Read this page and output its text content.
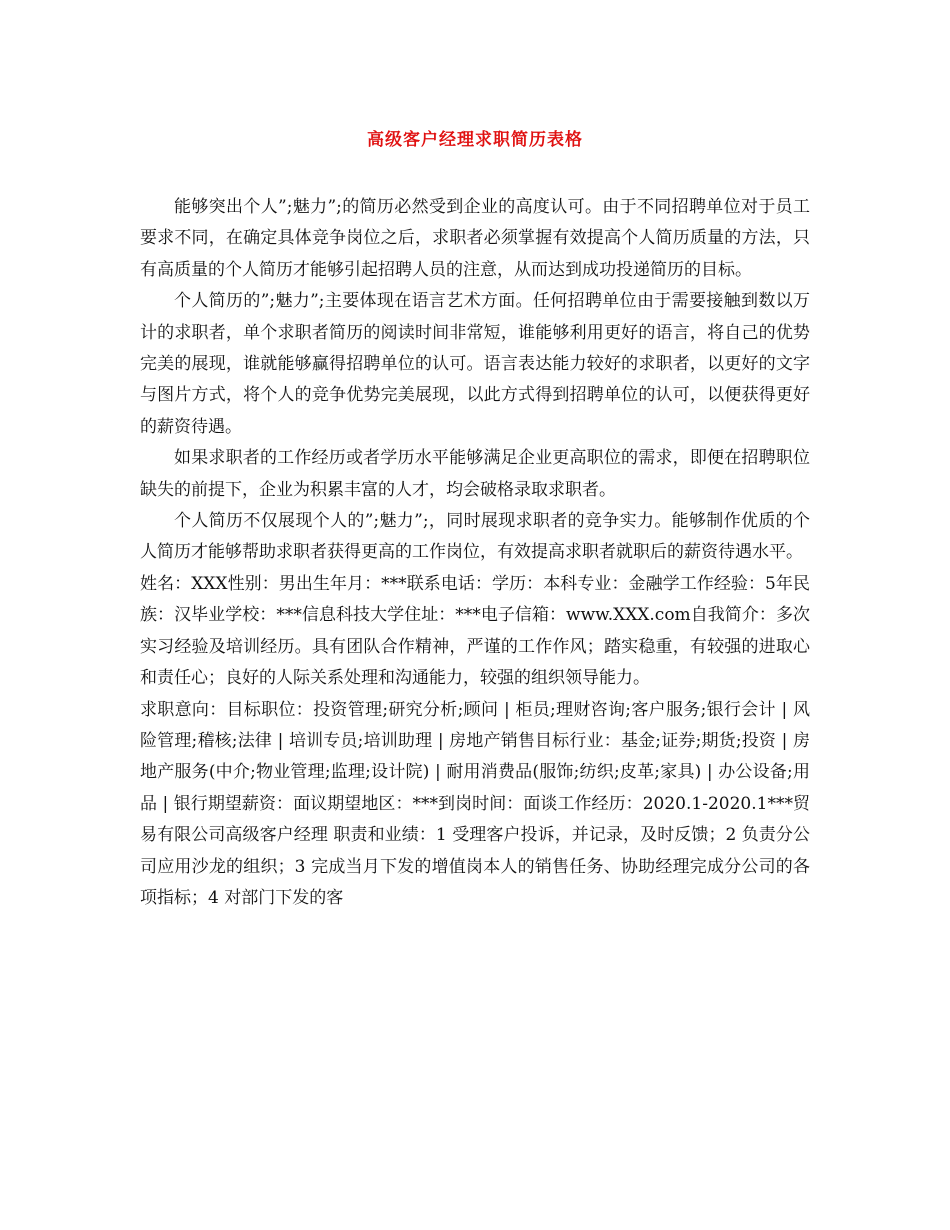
高级客户经理求职简历表格

能够突出个人”;魅力”;的简历必然受到企业的高度认可。由于不同招聘单位对于员工要求不同，在确定具体竞争岗位之后，求职者必须掌握有效提高个人简历质量的方法，只有高质量的个人简历才能够引起招聘人员的注意，从而达到成功投递简历的目标。

个人简历的”;魅力”;主要体现在语言艺术方面。任何招聘单位由于需要接触到数以万计的求职者，单个求职者简历的阅读时间非常短，谁能够利用更好的语言，将自己的优势完美的展现，谁就能够赢得招聘单位的认可。语言表达能力较好的求职者，以更好的文字与图片方式，将个人的竞争优势完美展现，以此方式得到招聘单位的认可，以便获得更好的薪资待遇。

如果求职者的工作经历或者学历水平能够满足企业更高职位的需求，即便在招聘职位缺失的前提下，企业为积累丰富的人才，均会破格录取求职者。

个人简历不仅展现个人的”;魅力”;，同时展现求职者的竞争实力。能够制作优质的个人简历才能够帮助求职者获得更高的工作岗位，有效提高求职者就职后的薪资待遇水平。

姓名：XXX性别：男出生年月：***联系电话：学历：本科专业：金融学工作经验：5年民族：汉毕业学校：***信息科技大学住址：***电子信箱：www.XXX.com自我简介：多次实习经验及培训经历。具有团队合作精神，严谨的工作作风；踏实稳重，有较强的进取心和责任心；良好的人际关系处理和沟通能力，较强的组织领导能力。

求职意向：目标职位：投资管理;研究分析;顾问 | 柜员;理财咨询;客户服务;银行会计 | 风险管理;稽核;法律 | 培训专员;培训助理 | 房地产销售目标行业：基金;证券;期货;投资 | 房地产服务(中介;物业管理;监理;设计院) | 耐用消费品(服饰;纺织;皮革;家具) | 办公设备;用品 | 银行期望薪资：面议期望地区：***到岗时间：面谈工作经历：2020.1-2020.1***贸易有限公司高级客户经理 职责和业绩：1 受理客户投诉，并记录，及时反馈；2 负责分公司应用沙龙的组织；3 完成当月下发的增值岗本人的销售任务、协助经理完成分公司的各项指标；4 对部门下发的客
